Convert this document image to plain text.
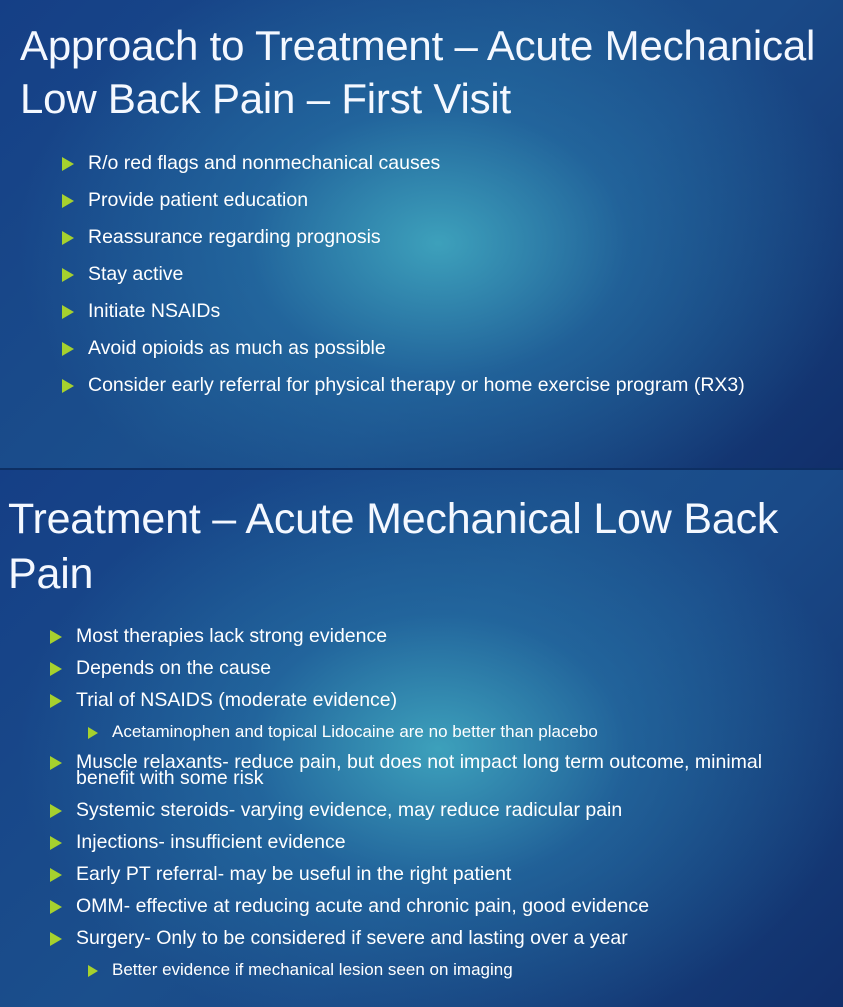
Approach to Treatment – Acute Mechanical Low Back Pain – First Visit
R/o red flags and nonmechanical causes
Provide patient education
Reassurance regarding prognosis
Stay active
Initiate NSAIDs
Avoid opioids as much as possible
Consider early referral for physical therapy or home exercise program (RX3)
Treatment – Acute Mechanical Low Back Pain
Most therapies lack strong evidence
Depends on the cause
Trial of NSAIDS (moderate evidence)
Acetaminophen and topical Lidocaine are no better than placebo
Muscle relaxants- reduce pain, but does not impact long term outcome, minimal benefit with some risk
Systemic steroids- varying evidence, may reduce radicular pain
Injections- insufficient evidence
Early PT referral- may be useful in the right patient
OMM- effective at reducing acute and chronic pain, good evidence
Surgery- Only to be considered if severe and lasting over a year
Better evidence if mechanical lesion seen on imaging
